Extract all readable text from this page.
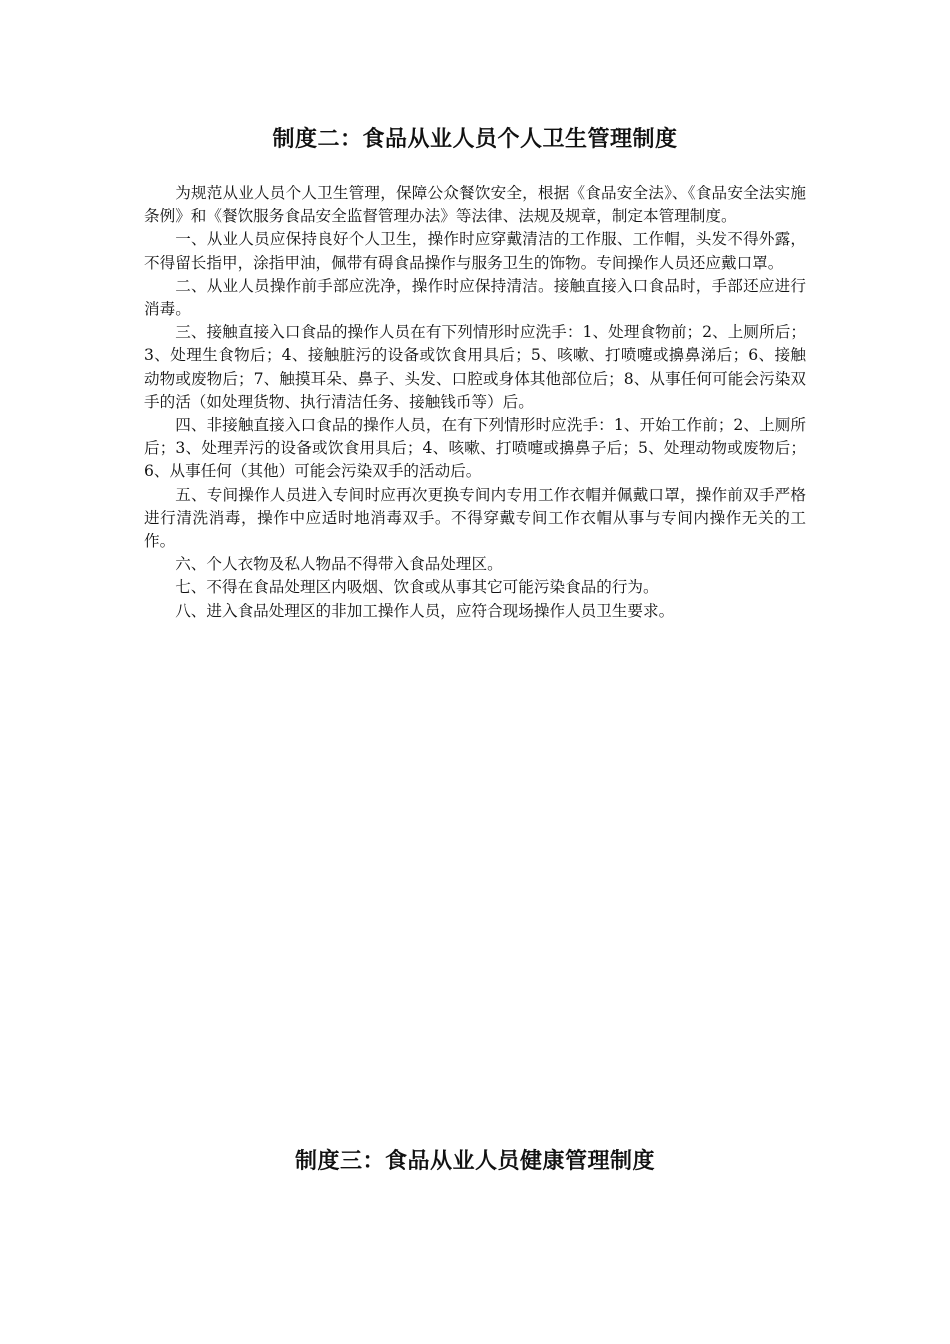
制度二：食品从业人员个人卫生管理制度

为规范从业人员个人卫生管理，保障公众餐饮安全，根据《食品安全法》、《食品安全法实施条例》和《餐饮服务食品安全监督管理办法》等法律、法规及规章，制定本管理制度。

一、从业人员应保持良好个人卫生，操作时应穿戴清洁的工作服、工作帽，头发不得外露，不得留长指甲，涂指甲油，佩带有碍食品操作与服务卫生的饰物。专间操作人员还应戴口罩。

二、从业人员操作前手部应洗净，操作时应保持清洁。接触直接入口食品时，手部还应进行消毒。

三、接触直接入口食品的操作人员在有下列情形时应洗手：1、处理食物前；2、上厕所后；3、处理生食物后；4、接触脏污的设备或饮食用具后；5、咳嗽、打喷嚏或擤鼻涕后；6、接触动物或废物后；7、触摸耳朵、鼻子、头发、口腔或身体其他部位后；8、从事任何可能会污染双手的活（如处理货物、执行清洁任务、接触钱币等）后。

四、非接触直接入口食品的操作人员，在有下列情形时应洗手：1、开始工作前；2、上厕所后；3、处理弄污的设备或饮食用具后；4、咳嗽、打喷嚏或擤鼻子后；5、处理动物或废物后；6、从事任何（其他）可能会污染双手的活动后。

五、专间操作人员进入专间时应再次更换专间内专用工作衣帽并佩戴口罩，操作前双手严格进行清洗消毒，操作中应适时地消毒双手。不得穿戴专间工作衣帽从事与专间内操作无关的工作。

六、个人衣物及私人物品不得带入食品处理区。

七、不得在食品处理区内吸烟、饮食或从事其它可能污染食品的行为。

八、进入食品处理区的非加工操作人员，应符合现场操作人员卫生要求。

制度三：食品从业人员健康管理制度
